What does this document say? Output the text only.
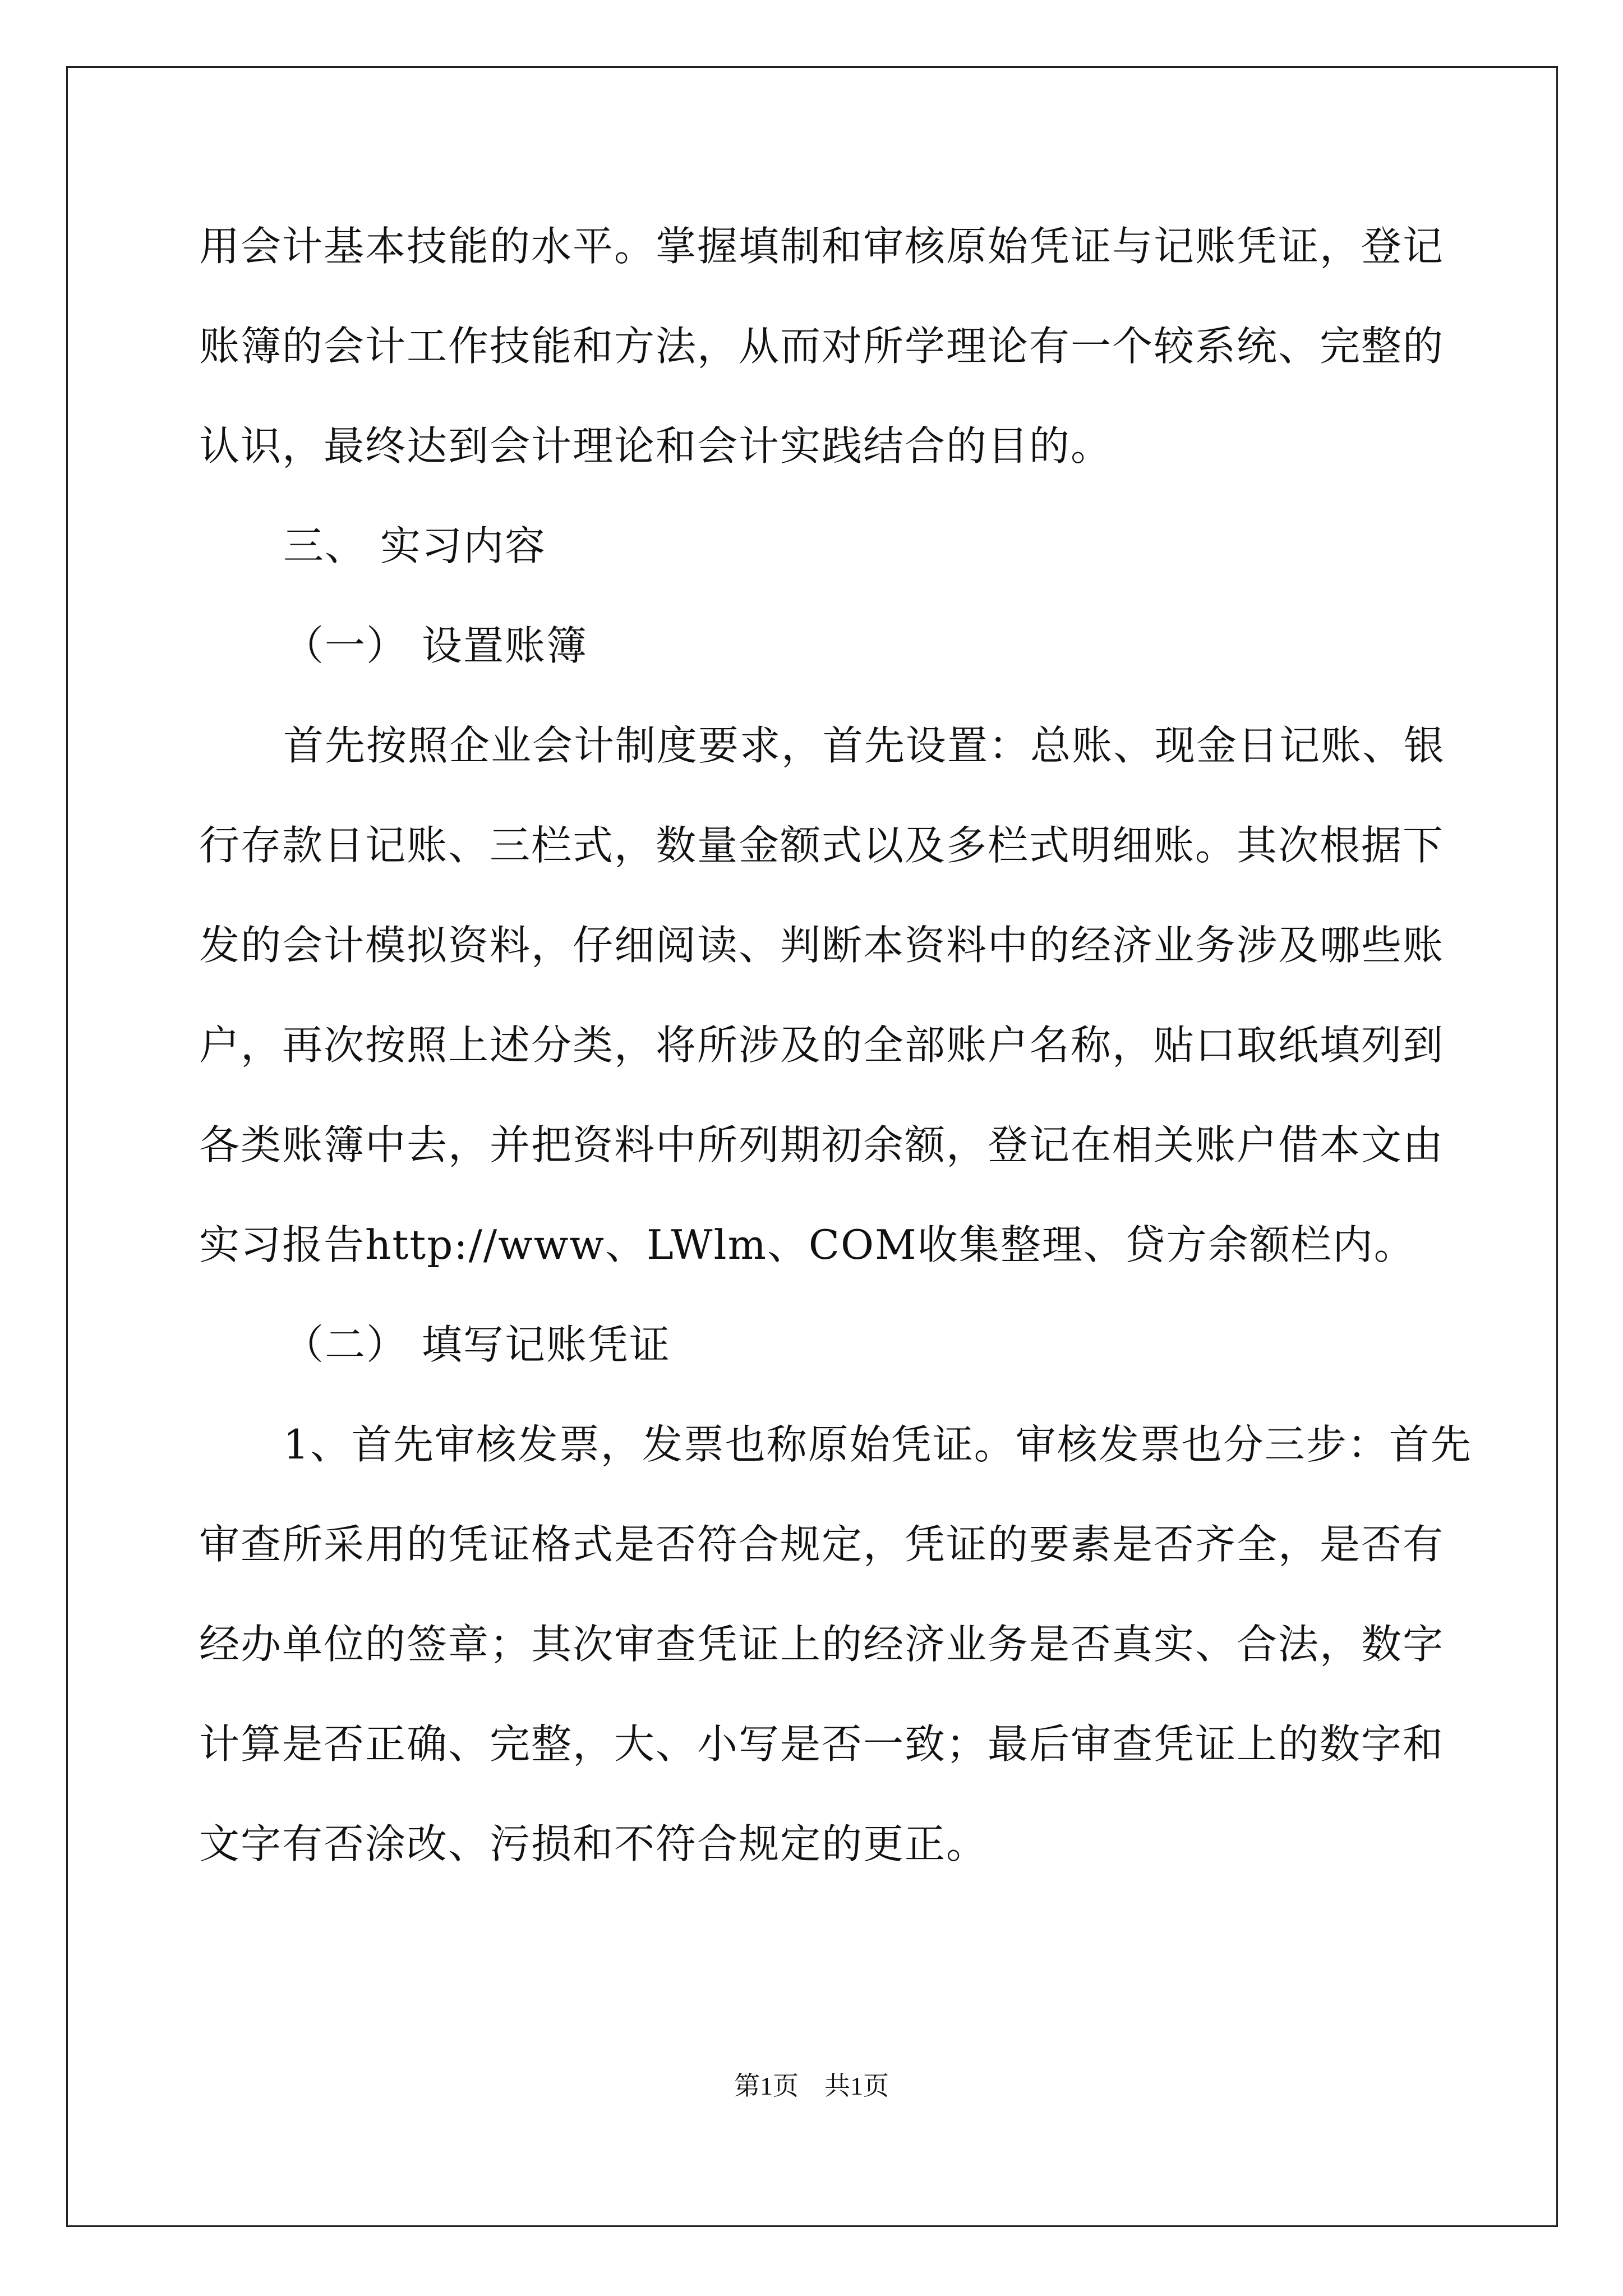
用会计基本技能的水平。掌握填制和审核原始凭证与记账凭证，登记
账簿的会计工作技能和方法，从而对所学理论有一个较系统、完整的
认识，最终达到会计理论和会计实践结合的目的。
三、 实习内容
（一） 设置账簿
首先按照企业会计制度要求，首先设置：总账、现金日记账、银
行存款日记账、三栏式，数量金额式以及多栏式明细账。其次根据下
发的会计模拟资料，仔细阅读、判断本资料中的经济业务涉及哪些账
户，再次按照上述分类，将所涉及的全部账户名称，贴口取纸填列到
各类账簿中去，并把资料中所列期初余额，登记在相关账户借本文由
实习报告http://www、LWlm、COM收集整理、贷方余额栏内。
（二） 填写记账凭证
1、首先审核发票，发票也称原始凭证。审核发票也分三步：首先
审查所采用的凭证格式是否符合规定，凭证的要素是否齐全，是否有
经办单位的签章；其次审查凭证上的经济业务是否真实、合法，数字
计算是否正确、完整，大、小写是否一致；最后审查凭证上的数字和
文字有否涂改、污损和不符合规定的更正。
第1页　共1页
